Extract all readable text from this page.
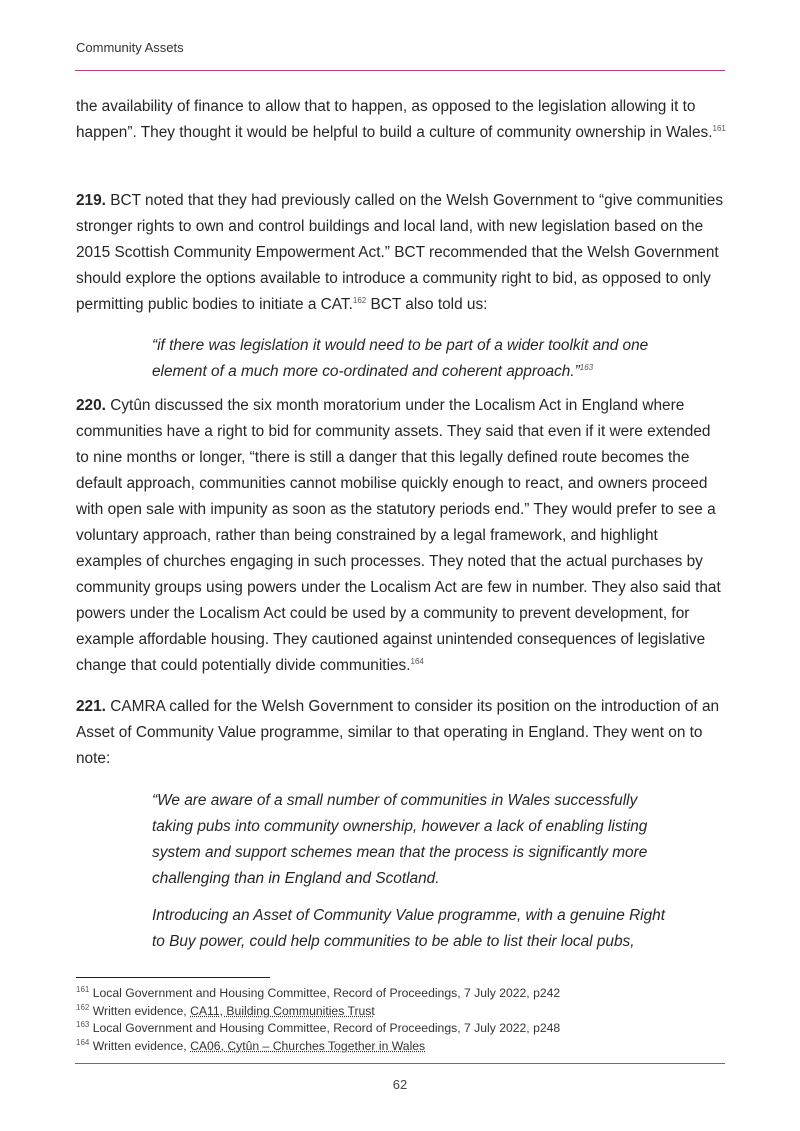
Community Assets

the availability of finance to allow that to happen, as opposed to the legislation allowing it to happen”. They thought it would be helpful to build a culture of community ownership in Wales.$^{161}$

219. BCT noted that they had previously called on the Welsh Government to “give communities stronger rights to own and control buildings and local land, with new legislation based on the 2015 Scottish Community Empowerment Act.” BCT recommended that the Welsh Government should explore the options available to introduce a community right to bid, as opposed to only permitting public bodies to initiate a CAT.$^{162}$ BCT also told us:

“if there was legislation it would need to be part of a wider toolkit and one element of a much more co-ordinated and coherent approach.”$^{163}$

220. Cytûn discussed the six month moratorium under the Localism Act in England where communities have a right to bid for community assets. They said that even if it were extended to nine months or longer, “there is still a danger that this legally defined route becomes the default approach, communities cannot mobilise quickly enough to react, and owners proceed with open sale with impunity as soon as the statutory periods end.” They would prefer to see a voluntary approach, rather than being constrained by a legal framework, and highlight examples of churches engaging in such processes. They noted that the actual purchases by community groups using powers under the Localism Act are few in number. They also said that powers under the Localism Act could be used by a community to prevent development, for example affordable housing. They cautioned against unintended consequences of legislative change that could potentially divide communities.$^{164}$

221. CAMRA called for the Welsh Government to consider its position on the introduction of an Asset of Community Value programme, similar to that operating in England. They went on to note:

“We are aware of a small number of communities in Wales successfully taking pubs into community ownership, however a lack of enabling listing system and support schemes mean that the process is significantly more challenging than in England and Scotland.

Introducing an Asset of Community Value programme, with a genuine Right to Buy power, could help communities to be able to list their local pubs,

$^{161}$ Local Government and Housing Committee, Record of Proceedings, 7 July 2022, p242
$^{162}$ Written evidence, CA11, Building Communities Trust
$^{163}$ Local Government and Housing Committee, Record of Proceedings, 7 July 2022, p248
$^{164}$ Written evidence, CA06, Cytûn – Churches Together in Wales
62
